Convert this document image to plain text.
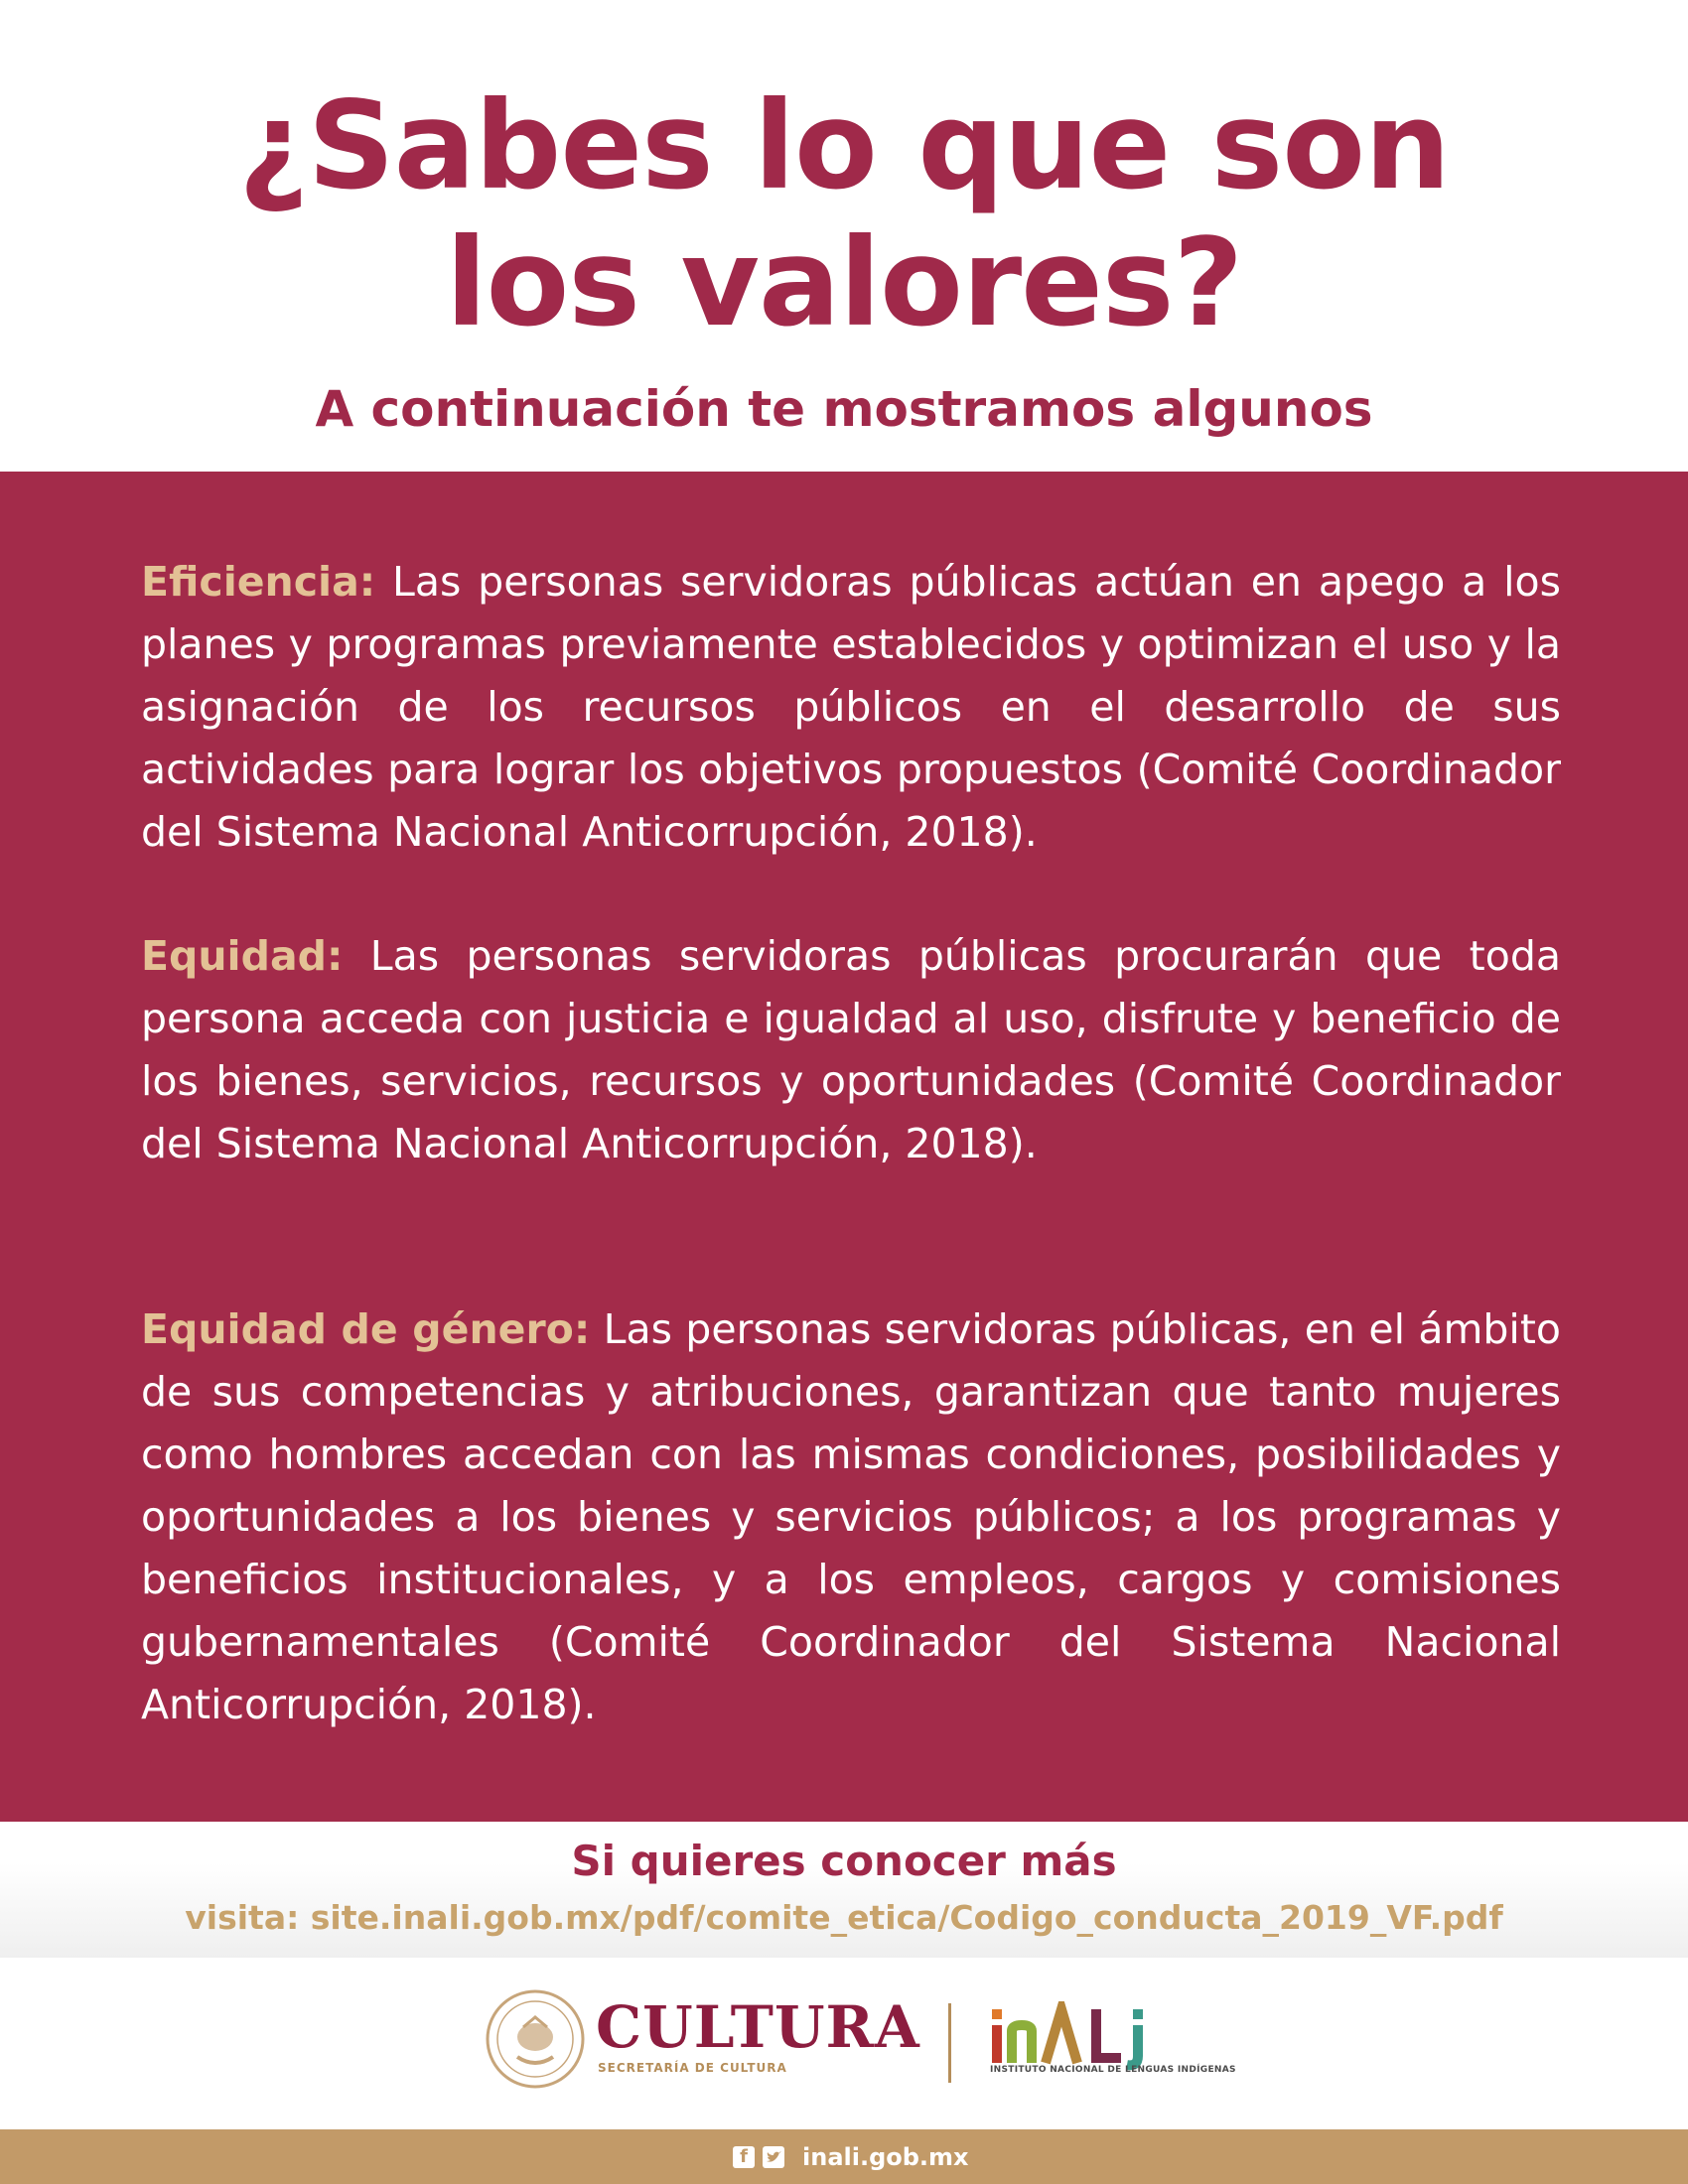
¿Sabes lo que son
los valores?
A continuación te mostramos algunos

Eficiencia: Las personas servidoras públicas actúan en apego a los planes y programas previamente establecidos y optimizan el uso y la asignación de los recursos públicos en el desarrollo de sus actividades para lograr los objetivos propuestos (Comité Coordinador del Sistema Nacional Anticorrupción, 2018).

Equidad: Las personas servidoras públicas procurarán que toda persona acceda con justicia e igualdad al uso, disfrute y beneficio de los bienes, servicios, recursos y oportunidades (Comité Coordinador del Sistema Nacional Anticorrupción, 2018).

Equidad de género: Las personas servidoras públicas, en el ámbito de sus competencias y atribuciones, garantizan que tanto mujeres como hombres accedan con las mismas condiciones, posibilidades y oportunidades a los bienes y servicios públicos; a los programas y beneficios institucionales, y a los empleos, cargos y comisiones gubernamentales (Comité Coordinador del Sistema Nacional Anticorrupción, 2018).

Si quieres conocer más
visita: site.inali.gob.mx/pdf/comite_etica/Codigo_conducta_2019_VF.pdf
CULTURA
SECRETARÍA DE CULTURA	INSTITUTO NACIONAL DE LENGUAS INDÍGENAS
f inali.gob.mx
